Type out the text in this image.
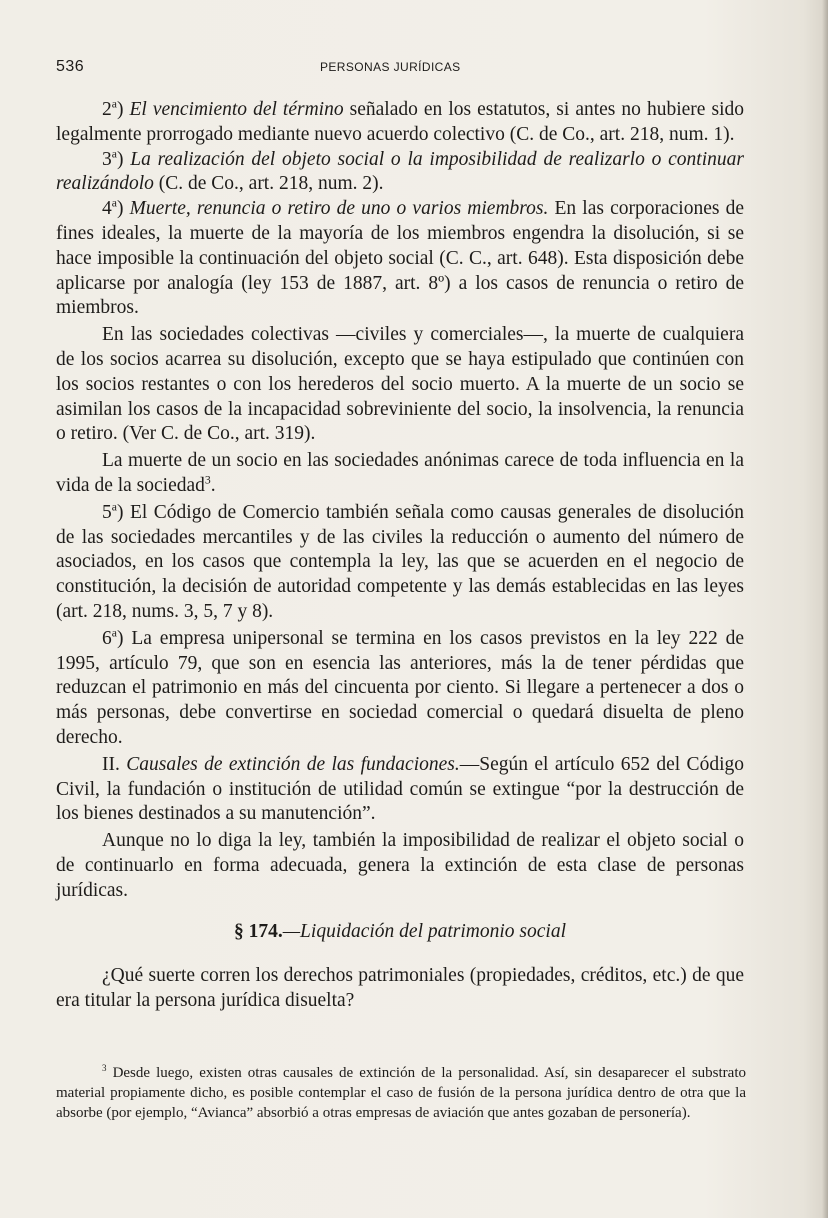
536	PERSONAS JURÍDICAS

2$^a$) El vencimiento del término señalado en los estatutos, si antes no hubiere sido legalmente prorrogado mediante nuevo acuerdo colectivo (C. de Co., art. 218, num. 1).

3$^a$) La realización del objeto social o la imposibilidad de realizarlo o continuar realizándolo (C. de Co., art. 218, num. 2).

4$^a$) Muerte, renuncia o retiro de uno o varios miembros. En las corporaciones de fines ideales, la muerte de la mayoría de los miembros engendra la disolución, si se hace imposible la continuación del objeto social (C. C., art. 648). Esta disposición debe aplicarse por analogía (ley 153 de 1887, art. 8º) a los casos de renuncia o retiro de miembros.

En las sociedades colectivas —civiles y comerciales—, la muerte de cualquiera de los socios acarrea su disolución, excepto que se haya estipulado que continúen con los socios restantes o con los herederos del socio muerto. A la muerte de un socio se asimilan los casos de la incapacidad sobreviniente del socio, la insolvencia, la renuncia o retiro. (Ver C. de Co., art. 319).

La muerte de un socio en las sociedades anónimas carece de toda influencia en la vida de la sociedad$^3$.

5$^a$) El Código de Comercio también señala como causas generales de disolución de las sociedades mercantiles y de las civiles la reducción o aumento del número de asociados, en los casos que contempla la ley, las que se acuerden en el negocio de constitución, la decisión de autoridad competente y las demás establecidas en las leyes (art. 218, nums. 3, 5, 7 y 8).

6$^a$) La empresa unipersonal se termina en los casos previstos en la ley 222 de 1995, artículo 79, que son en esencia las anteriores, más la de tener pérdidas que reduzcan el patrimonio en más del cincuenta por ciento. Si llegare a pertenecer a dos o más personas, debe convertirse en sociedad comercial o quedará disuelta de pleno derecho.

II. Causales de extinción de las fundaciones.—Según el artículo 652 del Código Civil, la fundación o institución de utilidad común se extingue “por la destrucción de los bienes destinados a su manutención”.

Aunque no lo diga la ley, también la imposibilidad de realizar el objeto social o de continuarlo en forma adecuada, genera la extinción de esta clase de personas jurídicas.

§ 174.—Liquidación del patrimonio social

¿Qué suerte corren los derechos patrimoniales (propiedades, créditos, etc.) de que era titular la persona jurídica disuelta?

$^3$ Desde luego, existen otras causales de extinción de la personalidad. Así, sin desaparecer el substrato material propiamente dicho, es posible contemplar el caso de fusión de la persona jurídica dentro de otra que la absorbe (por ejemplo, “Avianca” absorbió a otras empresas de aviación que antes gozaban de personería).
